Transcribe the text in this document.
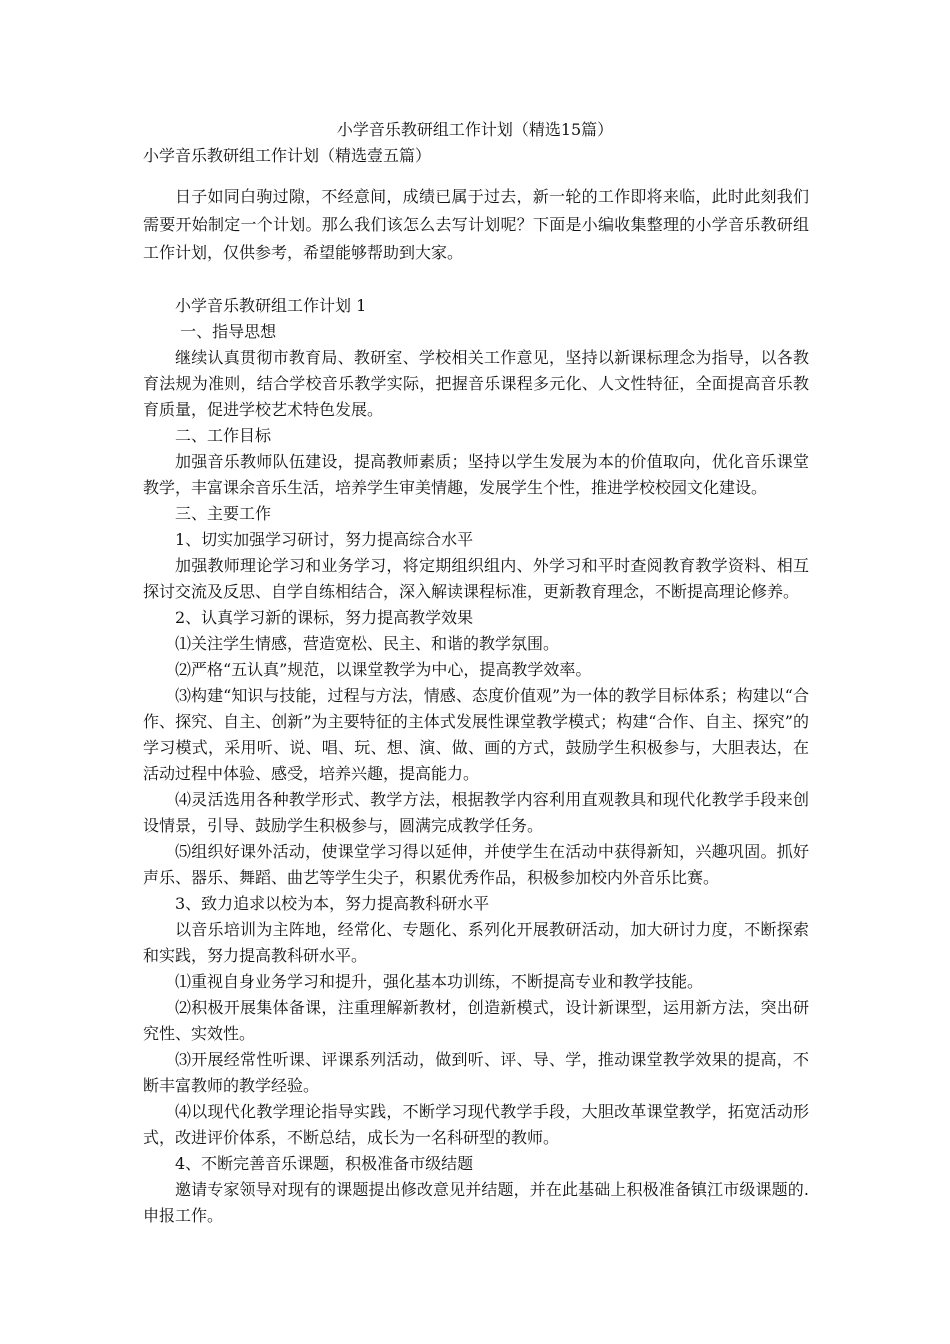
小学音乐教研组工作计划（精选15篇）
小学音乐教研组工作计划（精选壹五篇）

日子如同白驹过隙，不经意间，成绩已属于过去，新一轮的工作即将来临，此时此刻我们需要开始制定一个计划。那么我们该怎么去写计划呢？下面是小编收集整理的小学音乐教研组工作计划，仅供参考，希望能够帮助到大家。

小学音乐教研组工作计划 1

一、指导思想

继续认真贯彻市教育局、教研室、学校相关工作意见，坚持以新课标理念为指导，以各教育法规为准则，结合学校音乐教学实际，把握音乐课程多元化、人文性特征，全面提高音乐教育质量，促进学校艺术特色发展。

二、工作目标

加强音乐教师队伍建设，提高教师素质；坚持以学生发展为本的价值取向，优化音乐课堂教学，丰富课余音乐生活，培养学生审美情趣，发展学生个性，推进学校校园文化建设。

三、主要工作

1、切实加强学习研讨，努力提高综合水平

加强教师理论学习和业务学习，将定期组织组内、外学习和平时查阅教育教学资料、相互探讨交流及反思、自学自练相结合，深入解读课程标准，更新教育理念，不断提高理论修养。

2、认真学习新的课标，努力提高教学效果

⑴关注学生情感，营造宽松、民主、和谐的教学氛围。

⑵严格“五认真”规范，以课堂教学为中心，提高教学效率。

⑶构建“知识与技能，过程与方法，情感、态度价值观”为一体的教学目标体系；构建以“合作、探究、自主、创新”为主要特征的主体式发展性课堂教学模式；构建“合作、自主、探究”的学习模式，采用听、说、唱、玩、想、演、做、画的方式，鼓励学生积极参与，大胆表达，在活动过程中体验、感受，培养兴趣，提高能力。

⑷灵活选用各种教学形式、教学方法，根据教学内容利用直观教具和现代化教学手段来创设情景，引导、鼓励学生积极参与，圆满完成教学任务。

⑸组织好课外活动，使课堂学习得以延伸，并使学生在活动中获得新知，兴趣巩固。抓好声乐、器乐、舞蹈、曲艺等学生尖子，积累优秀作品，积极参加校内外音乐比赛。

3、致力追求以校为本，努力提高教科研水平

以音乐培训为主阵地，经常化、专题化、系列化开展教研活动，加大研讨力度，不断探索和实践，努力提高教科研水平。

⑴重视自身业务学习和提升，强化基本功训练，不断提高专业和教学技能。

⑵积极开展集体备课，注重理解新教材，创造新模式，设计新课型，运用新方法，突出研究性、实效性。

⑶开展经常性听课、评课系列活动，做到听、评、导、学，推动课堂教学效果的提高，不断丰富教师的教学经验。

⑷以现代化教学理论指导实践，不断学习现代教学手段，大胆改革课堂教学，拓宽活动形式，改进评价体系，不断总结，成长为一名科研型的教师。

4、不断完善音乐课题，积极准备市级结题

邀请专家领导对现有的课题提出修改意见并结题，并在此基础上积极准备镇江市级课题的.申报工作。
